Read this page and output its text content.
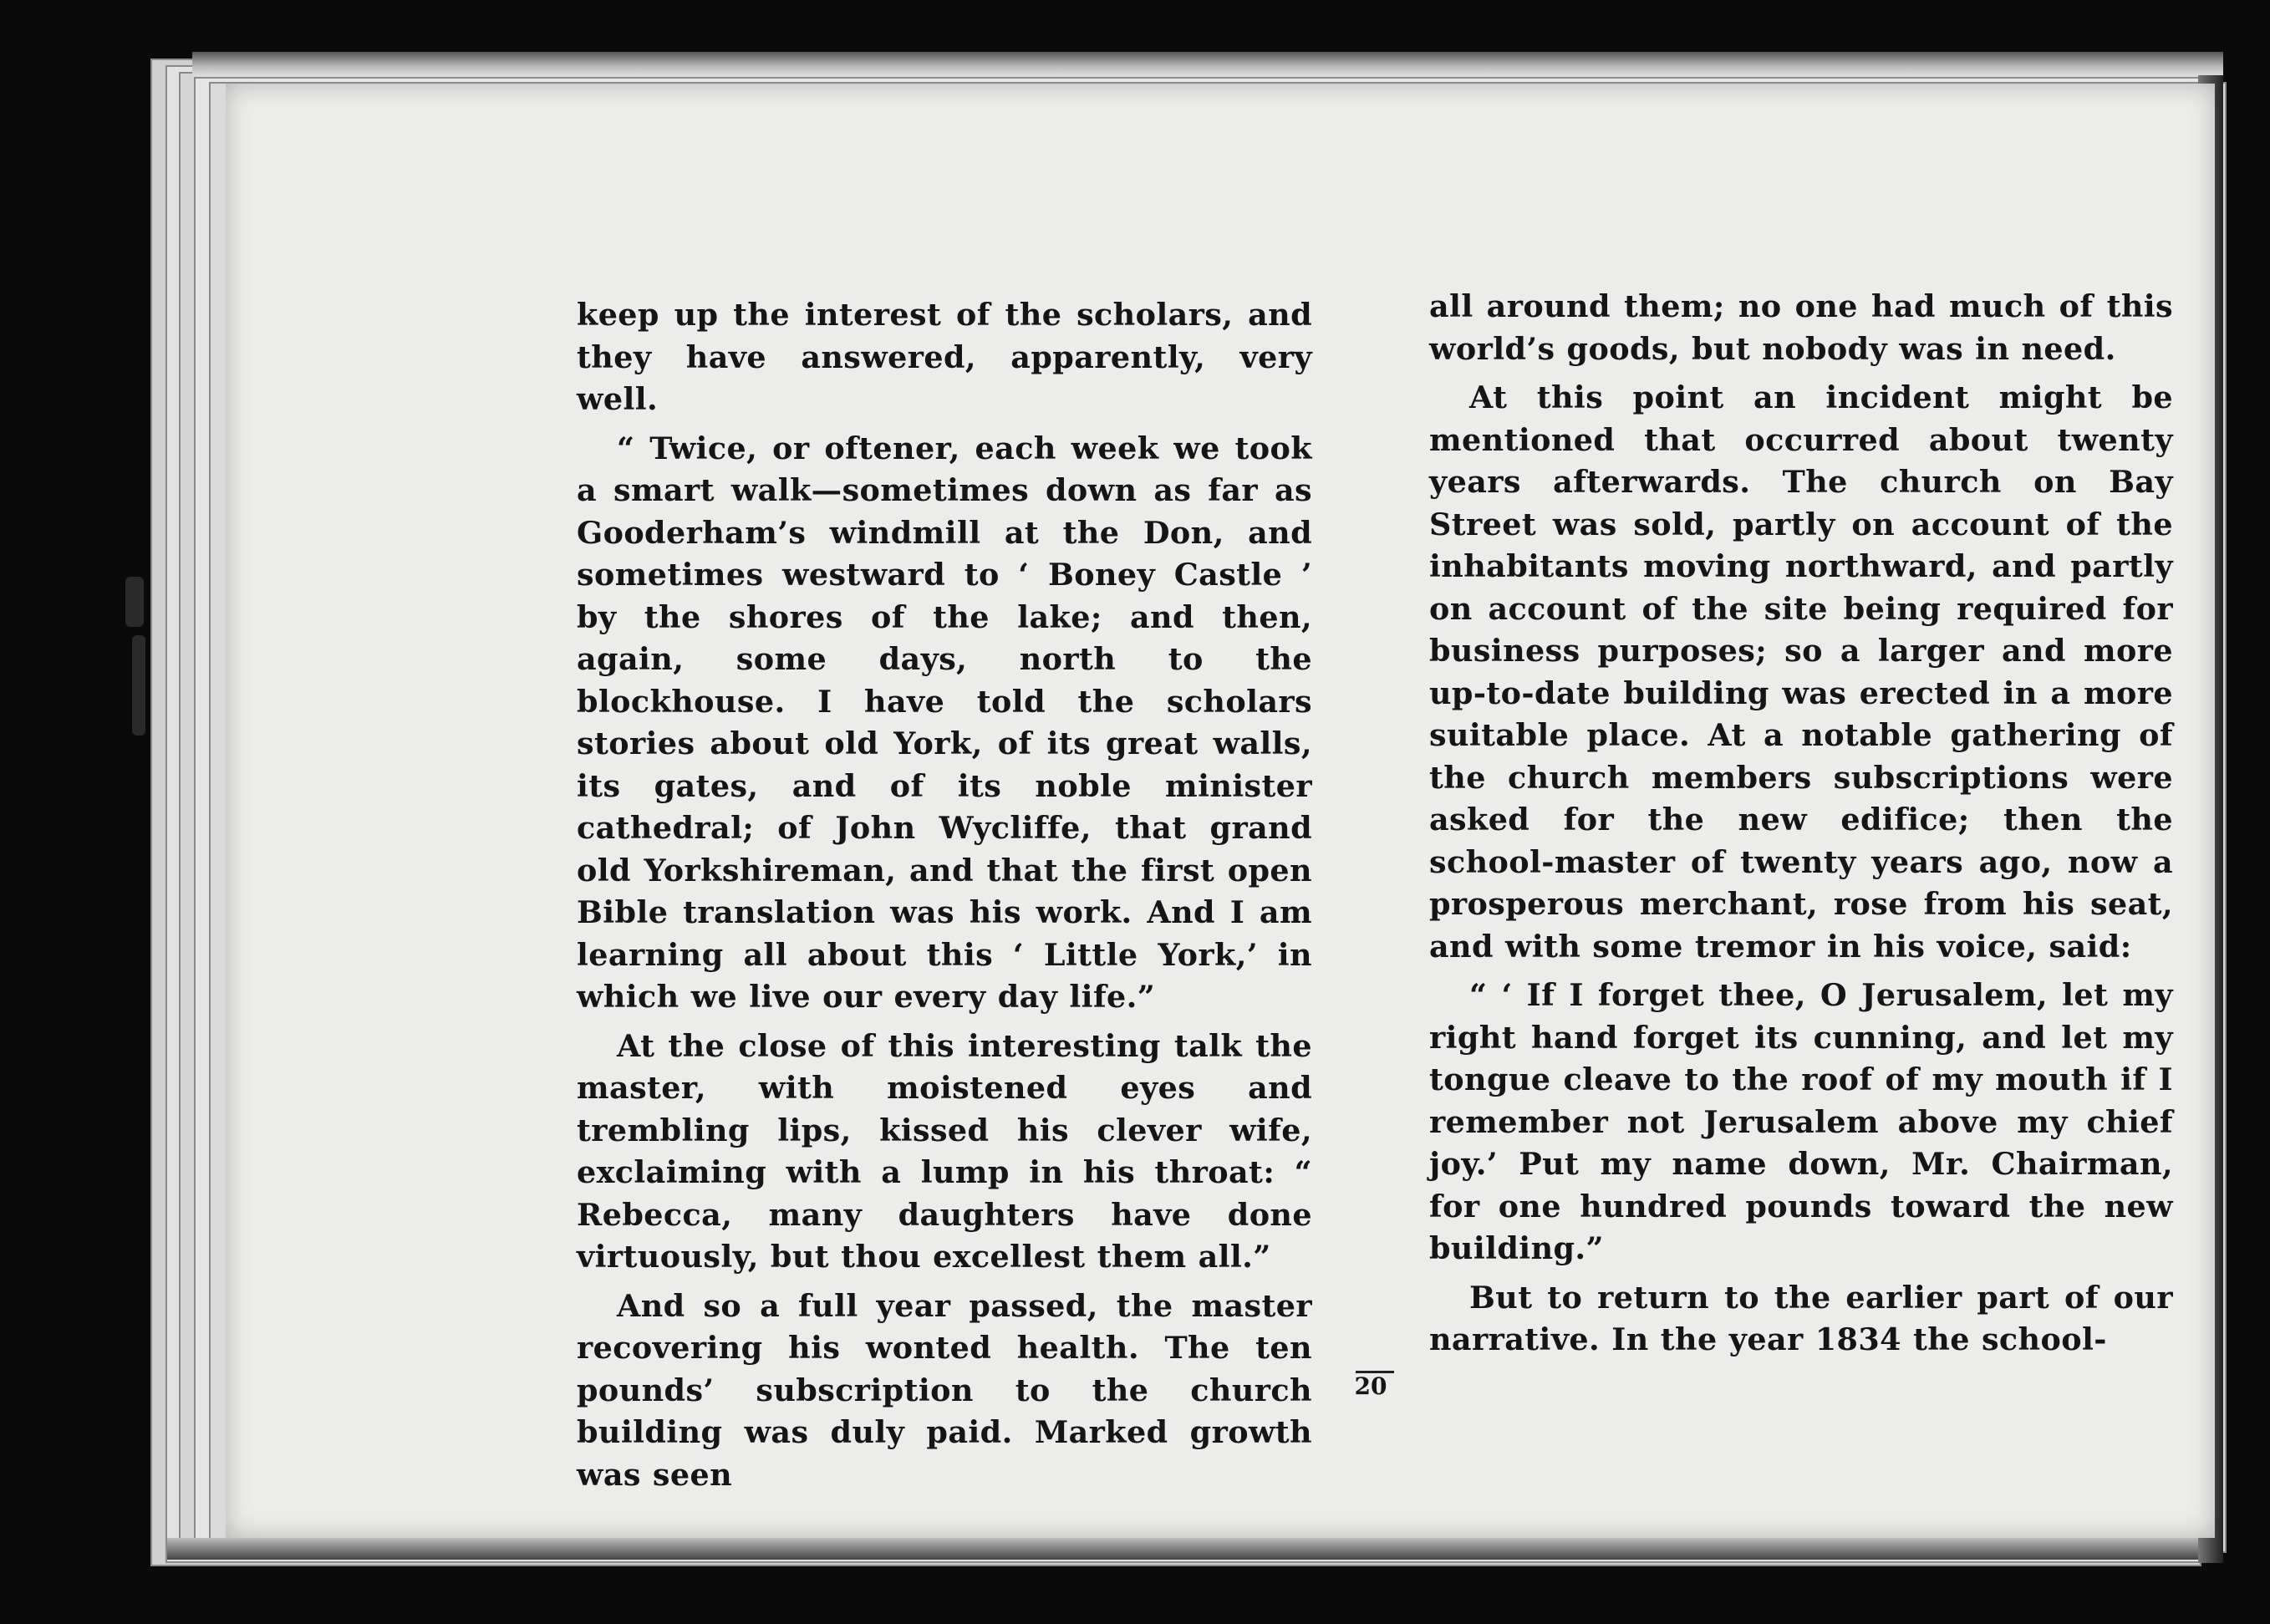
keep up the interest of the scholars, and they have answered, apparently, very well.

“ Twice, or oftener, each week we took a smart walk—sometimes down as far as Gooderham’s windmill at the Don, and sometimes westward to ‘ Boney Castle ’ by the shores of the lake; and then, again, some days, north to the blockhouse. I have told the scholars stories about old York, of its great walls, its gates, and of its noble minister cathedral; of John Wycliffe, that grand old Yorkshireman, and that the first open Bible translation was his work. And I am learning all about this ‘ Little York,’ in which we live our every day life.”

At the close of this interesting talk the master, with moistened eyes and trembling lips, kissed his clever wife, exclaiming with a lump in his throat: “ Rebecca, many daughters have done virtuously, but thou excellest them all.”

And so a full year passed, the master recovering his wonted health. The ten pounds’ subscription to the church building was duly paid. Marked growth was seen

all around them; no one had much of this world’s goods, but nobody was in need.

At this point an incident might be mentioned that occurred about twenty years afterwards. The church on Bay Street was sold, partly on account of the inhabitants moving northward, and partly on account of the site being required for business purposes; so a larger and more up-to-date building was erected in a more suitable place. At a notable gathering of the church members subscriptions were asked for the new edifice; then the school-master of twenty years ago, now a prosperous merchant, rose from his seat, and with some tremor in his voice, said:

“ ‘ If I forget thee, O Jerusalem, let my right hand forget its cunning, and let my tongue cleave to the roof of my mouth if I remember not Jerusalem above my chief joy.’ Put my name down, Mr. Chairman, for one hundred pounds toward the new building.”

But to return to the earlier part of our narrative. In the year 1834 the school-

20
